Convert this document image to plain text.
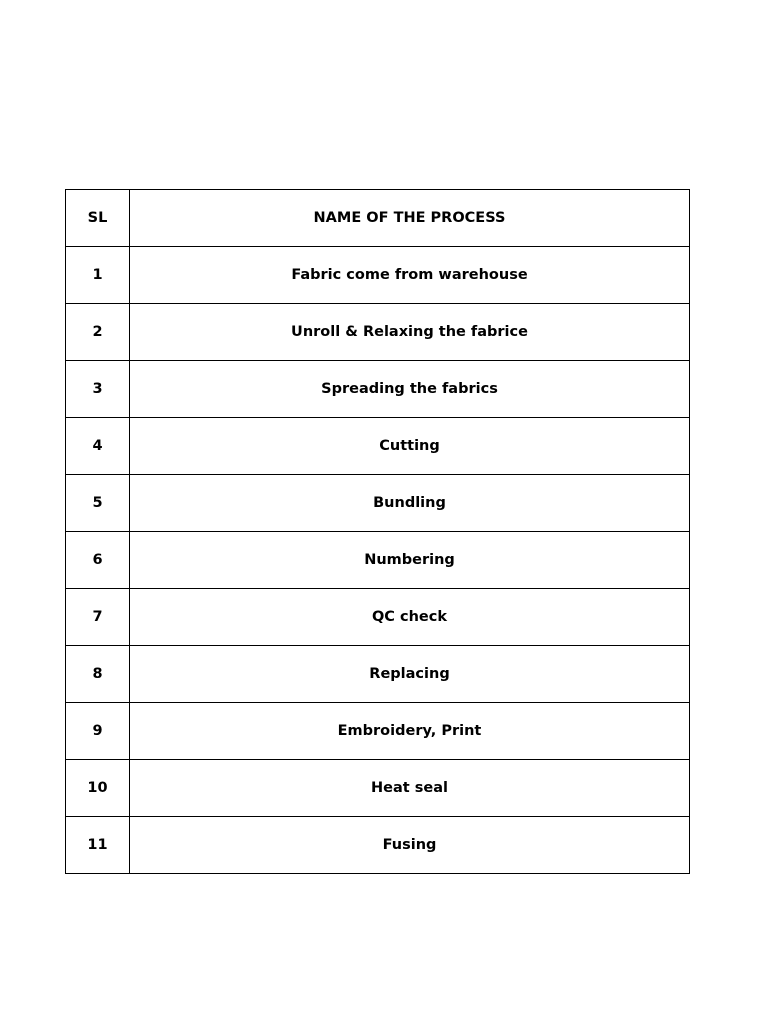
SL	NAME OF THE PROCESS
1	Fabric come from warehouse
2	Unroll & Relaxing the fabrice
3	Spreading the fabrics
4	Cutting
5	Bundling
6	Numbering
7	QC check
8	Replacing
9	Embroidery, Print
10	Heat seal
11	Fusing
